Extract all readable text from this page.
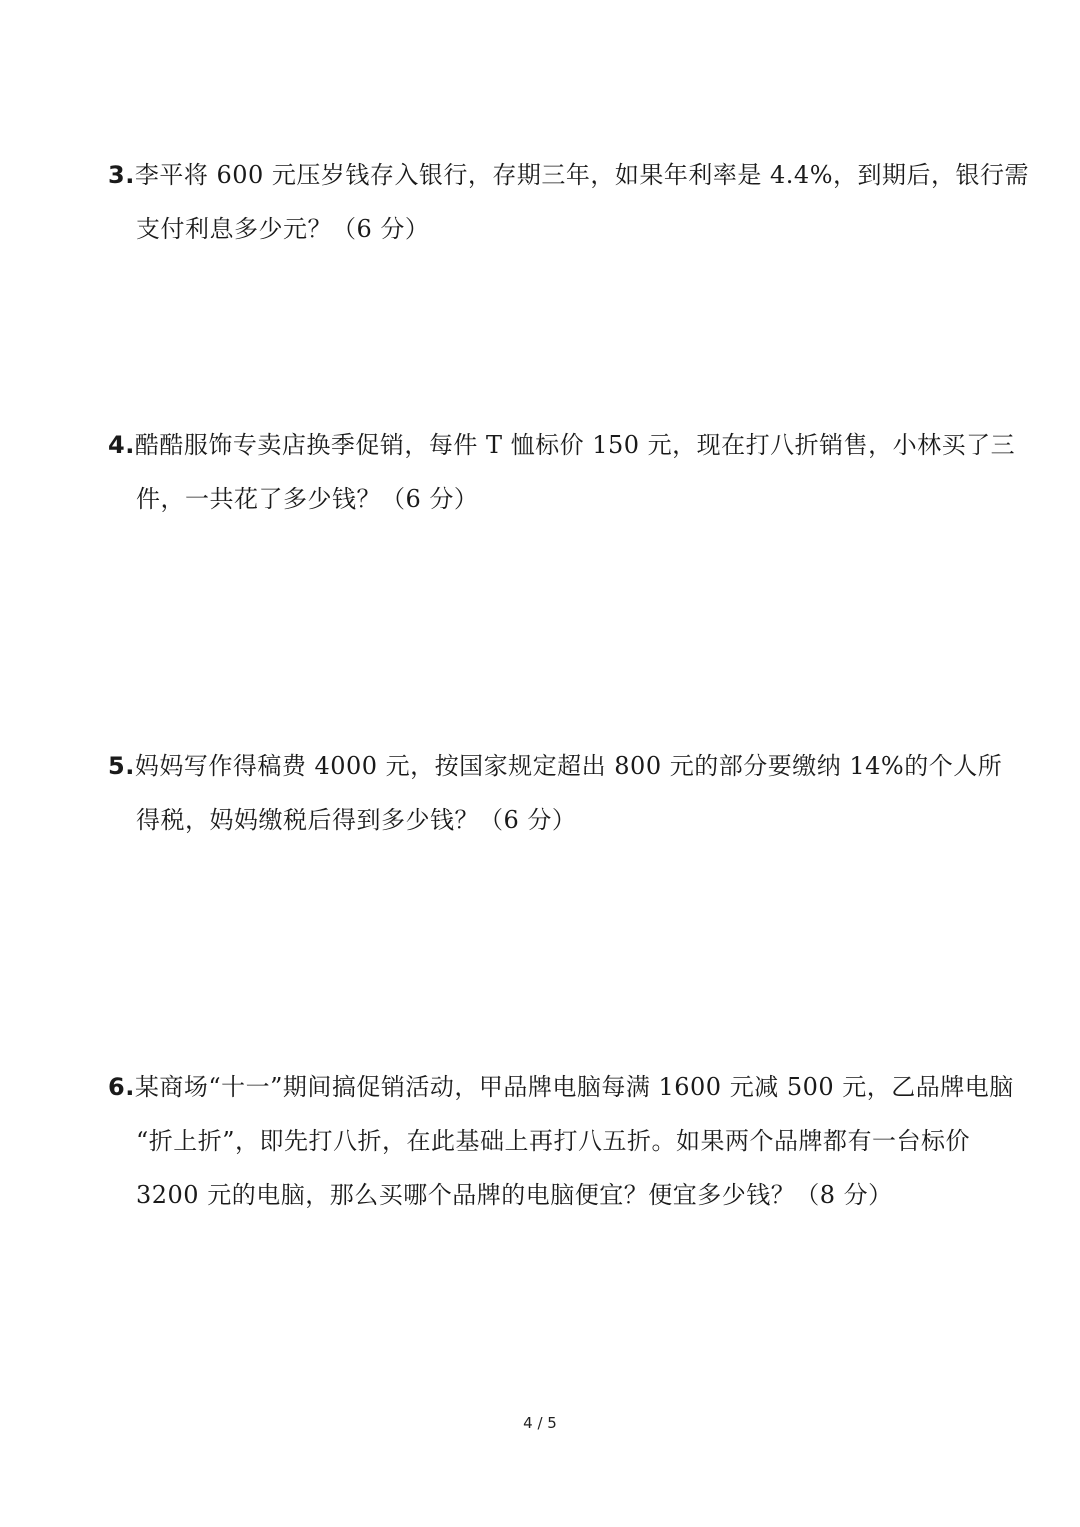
3.李平将 600 元压岁钱存入银行，存期三年，如果年利率是 4.4%，到期后，银行需
支付利息多少元？（6 分）
4.酷酷服饰专卖店换季促销，每件 T 恤标价 150 元，现在打八折销售，小林买了三
件，一共花了多少钱？（6 分）
5.妈妈写作得稿费 4000 元，按国家规定超出 800 元的部分要缴纳 14%的个人所
得税，妈妈缴税后得到多少钱？（6 分）
6.某商场“十一”期间搞促销活动，甲品牌电脑每满 1600 元减 500 元，乙品牌电脑
“折上折”，即先打八折，在此基础上再打八五折。如果两个品牌都有一台标价
3200 元的电脑，那么买哪个品牌的电脑便宜？便宜多少钱？（8 分）
4 / 5
